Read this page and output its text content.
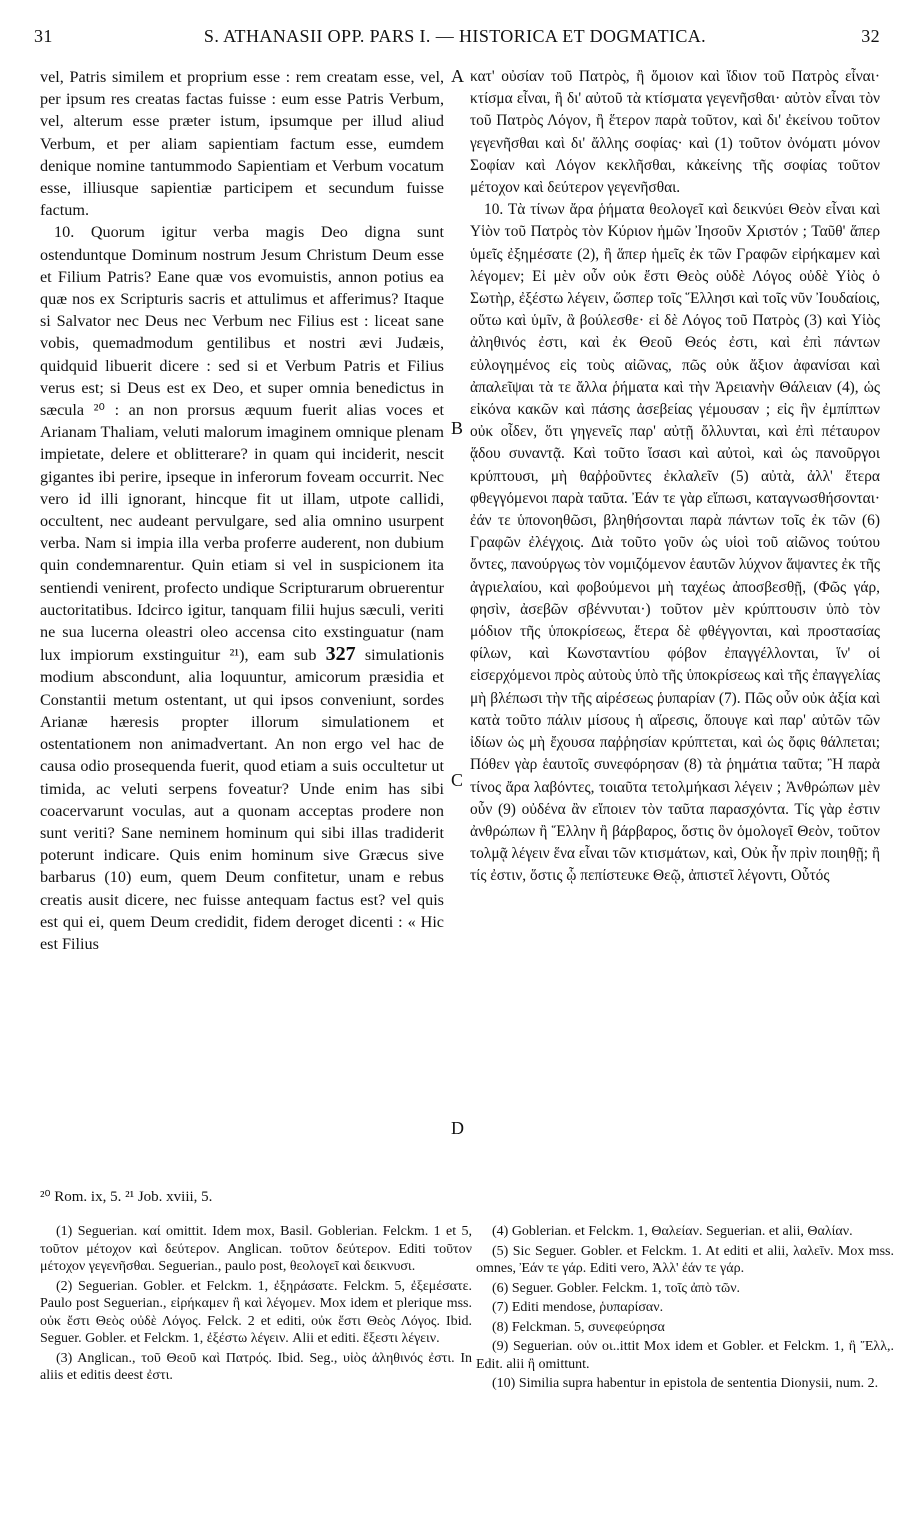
31	S. ATHANASII OPP. PARS I. — HISTORICA ET DOGMATICA.	32

vel, Patris similem et proprium esse : rem creatam esse, vel, per ipsum res creatas factas fuisse : eum esse Patris Verbum, vel, alterum esse præter istum, ipsumque per illud aliud Verbum, et per aliam sapientiam factum esse, eumdem denique nomine tantummodo Sapientiam et Verbum vocatum esse, illiusque sapientiæ participem et secundum fuisse factum.

10. Quorum igitur verba magis Deo digna sunt ostenduntque Dominum nostrum Jesum Christum Deum esse et Filium Patris? Eane quæ vos evomuistis, annon potius ea quæ nos ex Scripturis sacris et attulimus et afferimus? Itaque si Salvator nec Deus nec Verbum nec Filius est : liceat sane vobis, quemadmodum gentilibus et nostri ævi Judæis, quidquid libuerit dicere : sed si et Verbum Patris et Filius verus est; si Deus est ex Deo, et super omnia benedictus in sæcula ²⁰ : an non prorsus æquum fuerit alias voces et Arianam Thaliam, veluti malorum imaginem omnique plenam impietate, delere et oblitterare? in quam qui inciderit, nescit gigantes ibi perire, ipseque in inferorum foveam occurrit. Nec vero id illi ignorant, hincque fit ut illam, utpote callidi, occultent, nec audeant pervulgare, sed alia omnino usurpent verba. Nam si impia illa verba proferre auderent, non dubium quin condemnarentur. Quin etiam si vel in suspicionem ita sentiendi venirent, profecto undique Scripturarum obruerentur auctoritatibus. Idcirco igitur, tanquam filii hujus sæculi, veriti ne sua lucerna oleastri oleo accensa cito exstinguatur (nam lux impiorum exstinguitur ²¹), eam sub 327 simulationis modium abscondunt, alia loquuntur, amicorum præsidia et Constantii metum ostentant, ut qui ipsos conveniunt, sordes Arianæ hæresis propter illorum simulationem et ostentationem non animadvertant. An non ergo vel hac de causa odio prosequenda fuerit, quod etiam a suis occultetur ut timida, ac veluti serpens foveatur? Unde enim has sibi coacervarunt voculas, aut a quonam acceptas prodere non sunt veriti? Sane neminem hominum qui sibi illas tradiderit poterunt indicare. Quis enim hominum sive Græcus sive barbarus (10) eum, quem Deum confitetur, unam e rebus creatis ausit dicere, nec fuisse antequam factus est? vel quis est qui ei, quem Deum credidit, fidem deroget dicenti : « Hic est Filius

A
B
C
D

κατ' οὐσίαν τοῦ Πατρὸς, ἢ ὅμοιον καὶ ἴδιον τοῦ Πατρὸς εἶναι· κτίσμα εἶναι, ἢ δι' αὐτοῦ τὰ κτίσματα γεγενῆσθαι· αὐτὸν εἶναι τὸν τοῦ Πατρὸς Λόγον, ἢ ἕτερον παρὰ τοῦτον, καὶ δι' ἐκείνου τοῦτον γεγενῆσθαι καὶ δι' ἄλλης σοφίας· καὶ (1) τοῦτον ὀνόματι μόνον Σοφίαν καὶ Λόγον κεκλῆσθαι, κἀκείνης τῆς σοφίας τοῦτον μέτοχον καὶ δεύτερον γεγενῆσθαι.

10. Τὰ τίνων ἄρα ῥήματα θεολογεῖ καὶ δεικνύει Θεὸν εἶναι καὶ Υἱὸν τοῦ Πατρὸς τὸν Κύριον ἡμῶν Ἰησοῦν Χριστόν ; Ταῦθ' ἅπερ ὑμεῖς ἐξημέσατε (2), ἢ ἅπερ ἡμεῖς ἐκ τῶν Γραφῶν εἰρήκαμεν καὶ λέγομεν; Εἰ μὲν οὖν οὐκ ἔστι Θεὸς οὐδὲ Λόγος οὐδὲ Υἱὸς ὁ Σωτὴρ, ἐξέστω λέγειν, ὥσπερ τοῖς Ἕλλησι καὶ τοῖς νῦν Ἰουδαίοις, οὕτω καὶ ὑμῖν, ἃ βούλεσθε· εἰ δὲ Λόγος τοῦ Πατρὸς (3) καὶ Υἱὸς ἀληθινός ἐστι, καὶ ἐκ Θεοῦ Θεός ἐστι, καὶ ἐπὶ πάντων εὐλογημένος εἰς τοὺς αἰῶνας, πῶς οὐκ ἄξιον ἀφανίσαι καὶ ἀπαλεῖψαι τὰ τε ἄλλα ῥήματα καὶ τὴν Ἀρειανὴν Θάλειαν (4), ὡς εἰκόνα κακῶν καὶ πάσης ἀσεβείας γέμουσαν ; εἰς ἣν ἐμπίπτων οὐκ οἶδεν, ὅτι γηγενεῖς παρ' αὐτῇ ὄλλυνται, καὶ ἐπὶ πέταυρον ᾅδου συναντᾷ. Καὶ τοῦτο ἴσασι καὶ αὐτοὶ, καὶ ὡς πανοῦργοι κρύπτουσι, μὴ θαῤῥοῦντες ἐκλαλεῖν (5) αὐτὰ, ἀλλ' ἕτερα φθεγγόμενοι παρὰ ταῦτα. Ἐάν τε γὰρ εἴπωσι, καταγνωσθήσονται· ἐάν τε ὑπονοηθῶσι, βληθήσονται παρὰ πάντων τοῖς ἐκ τῶν (6) Γραφῶν ἐλέγχοις. Διὰ τοῦτο γοῦν ὡς υἱοὶ τοῦ αἰῶνος τούτου ὄντες, πανούργως τὸν νομιζόμενον ἑαυτῶν λύχνον ἅψαντες ἐκ τῆς ἀγριελαίου, καὶ φοβούμενοι μὴ ταχέως ἀποσβεσθῇ, (Φῶς γάρ, φησὶν, ἀσεβῶν σβέννυται·) τοῦτον μὲν κρύπτουσιν ὑπὸ τὸν μόδιον τῆς ὑποκρίσεως, ἕτερα δὲ φθέγγονται, καὶ προστασίας φίλων, καὶ Κωνσταντίου φόβον ἐπαγγέλλονται, ἵν' οἱ εἰσερχόμενοι πρὸς αὐτοὺς ὑπὸ τῆς ὑποκρίσεως καὶ τῆς ἐπαγγελίας μὴ βλέπωσι τὴν τῆς αἱρέσεως ῥυπαρίαν (7). Πῶς οὖν οὐκ ἀξία καὶ κατὰ τοῦτο πάλιν μίσους ἡ αἵρεσις, ὅπουγε καὶ παρ' αὐτῶν τῶν ἰδίων ὡς μὴ ἔχουσα παῤῥησίαν κρύπτεται, καὶ ὡς ὄφις θάλπεται; Πόθεν γὰρ ἑαυτοῖς συνεφόρησαν (8) τὰ ῥημάτια ταῦτα; Ἢ παρὰ τίνος ἄρα λαβόντες, τοιαῦτα τετολμήκασι λέγειν ; Ἀνθρώπων μὲν οὖν (9) οὐδένα ἂν εἴποιεν τὸν ταῦτα παρασχόντα. Τίς γὰρ ἐστιν ἀνθρώπων ἢ Ἕλλην ἢ βάρβαρος, ὅστις ὃν ὁμολογεῖ Θεὸν, τοῦτον τολμᾷ λέγειν ἕνα εἶναι τῶν κτισμάτων, καὶ, Οὐκ ἦν πρὶν ποιηθῇ; ἢ τίς ἐστιν, ὅστις ᾧ πεπίστευκε Θεῷ, ἀπιστεῖ λέγοντι, Οὗτός

²⁰ Rom. ix, 5. ²¹ Job. xviii, 5.

(1) Seguerian. καί omittit. Idem mox, Basil. Goblerian. Felckm. 1 et 5, τοῦτον μέτοχον καὶ δεύτερον. Anglican. τοῦτον δεύτερον. Editi τοῦτον μέτοχον γεγενῆσθαι. Seguerian., paulo post, θεολογεῖ καὶ δεικνυσι.

(2) Seguerian. Gobler. et Felckm. 1, ἐξηράσατε. Felckm. 5, ἐξεμέσατε. Paulo post Seguerian., εἰρήκαμεν ἢ καὶ λέγομεν. Mox idem et plerique mss. οὐκ ἔστι Θεὸς οὐδὲ Λόγος. Felck. 2 et editi, οὐκ ἔστι Θεὸς Λόγος. Ibid. Seguer. Gobler. et Felckm. 1, ἐξέστω λέγειν. Alii et editi. ἔξεστι λέγειν.

(3) Anglican., τοῦ Θεοῦ καὶ Πατρός. Ibid. Seg., υἱὸς ἀληθινός ἐστι. In aliis et editis deest ἐστι.

(4) Goblerian. et Felckm. 1, Θαλείαν. Seguerian. et alii, Θαλίαν.

(5) Sic Seguer. Gobler. et Felckm. 1. At editi et alii, λαλεῖν. Mox mss. omnes, Ἐάν τε γάρ. Editi vero, Ἀλλ' ἐάν τε γάρ.

(6) Seguer. Gobler. Felckm. 1, τοῖς ἀπὸ τῶν.

(7) Editi mendose, ῥυπαρίσαν.

(8) Felckman. 5, συνεφεύρησα

(9) Seguerian. οὐν οι..ittit Mox idem et Gobler. et Felckm. 1, ἢ Ἕλλ,. Edit. alii ἢ omittunt.

(10) Similia supra habentur in epistola de sententia Dionysii, num. 2.
